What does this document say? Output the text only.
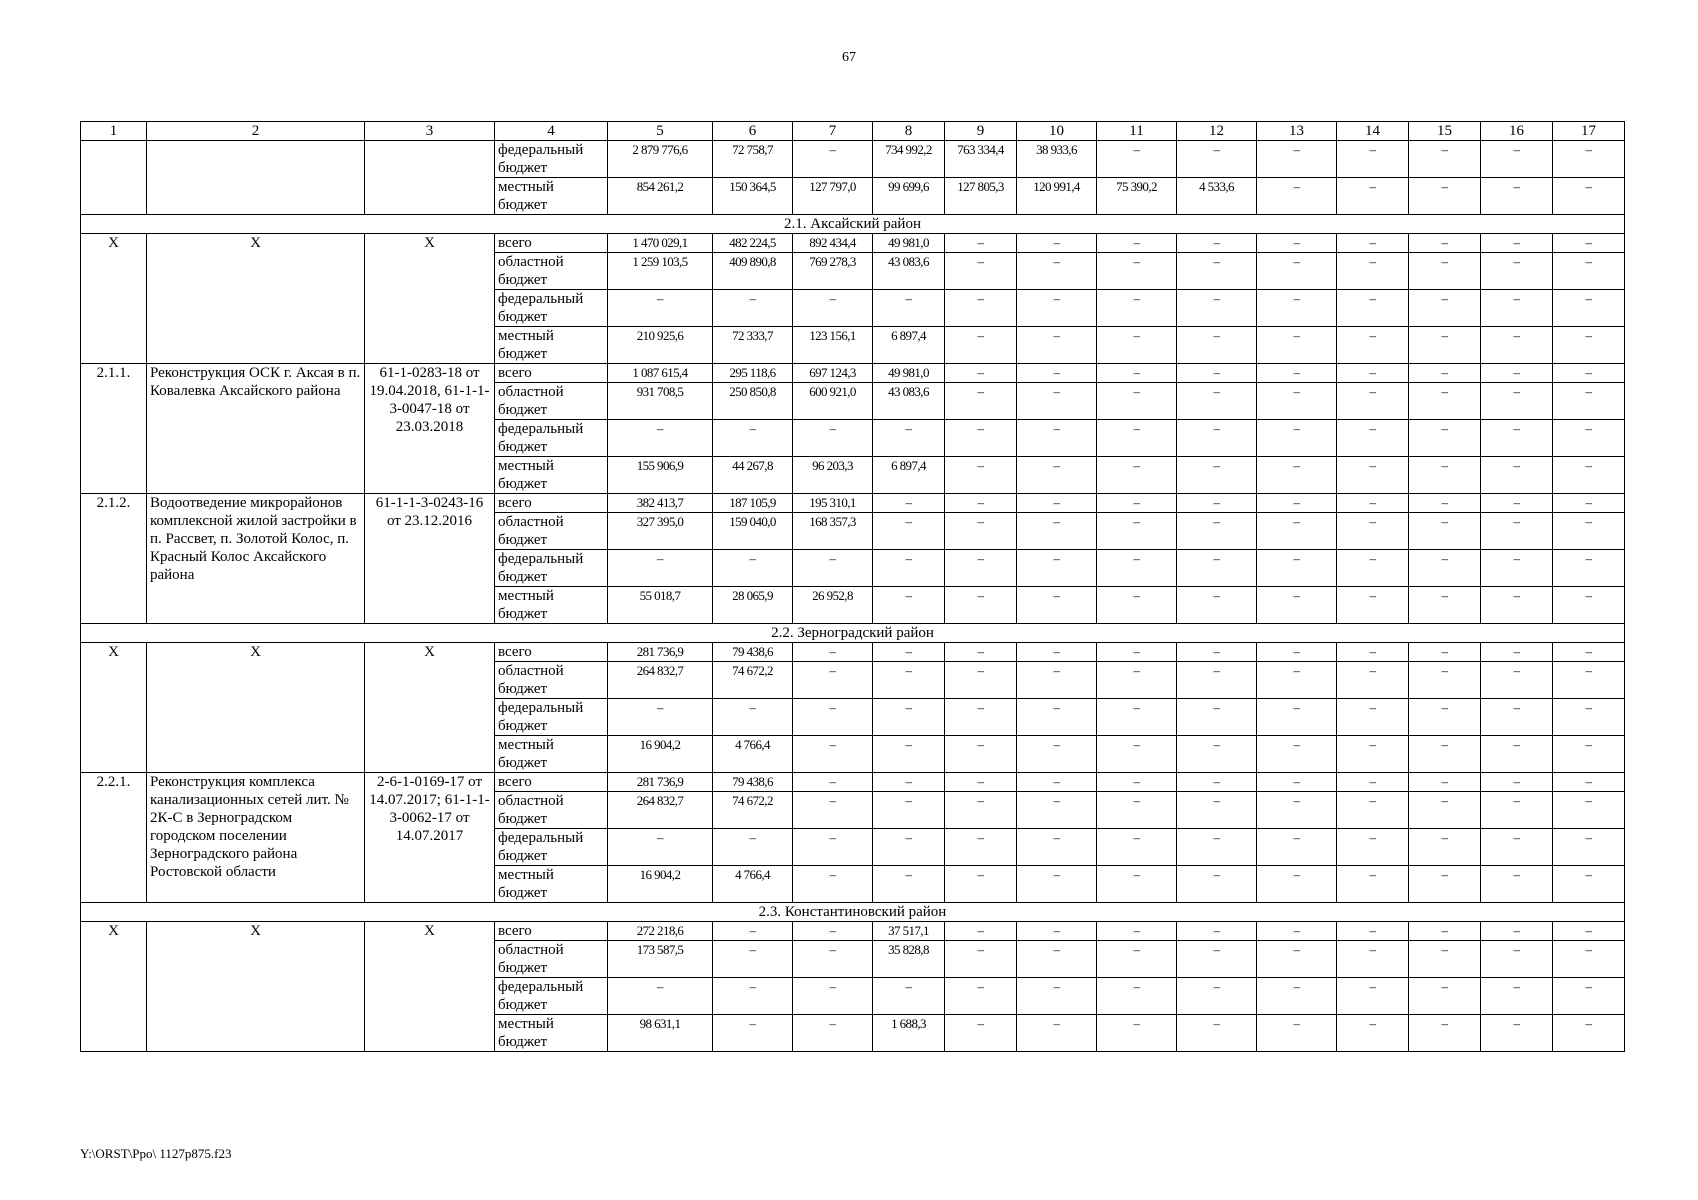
67
1	2	3	4	5	6	7	8	9	10	11	12	13	14	15	16	17
			федеральный
бюджет	2 879 776,6	72 758,7	–	734 992,2	763 334,4	38 933,6	–	–	–	–	–	–	–
			местный
бюджет	854 261,2	150 364,5	127 797,0	99 699,6	127 805,3	120 991,4	75 390,2	4 533,6	–	–	–	–	–
2.1. Аксайский район																
X	X	X	всего	1 470 029,1	482 224,5	892 434,4	49 981,0	–	–	–	–	–	–	–	–	–
			областной
бюджет	1 259 103,5	409 890,8	769 278,3	43 083,6	–	–	–	–	–	–	–	–	–
			федеральный
бюджет	–	–	–	–	–	–	–	–	–	–	–	–	–
			местный
бюджет	210 925,6	72 333,7	123 156,1	6 897,4	–	–	–	–	–	–	–	–	–
2.1.1.	Реконструкция ОСК г. Аксая в п. Ковалевка Аксайского района	61-1-0283-18 от 19.04.2018, 61-1-1-3-0047-18 от 23.03.2018	всего	1 087 615,4	295 118,6	697 124,3	49 981,0	–	–	–	–	–	–	–	–	–
			областной
бюджет	931 708,5	250 850,8	600 921,0	43 083,6	–	–	–	–	–	–	–	–	–
			федеральный
бюджет	–	–	–	–	–	–	–	–	–	–	–	–	–
			местный
бюджет	155 906,9	44 267,8	96 203,3	6 897,4	–	–	–	–	–	–	–	–	–
2.1.2.	Водоотведение микрорайонов комплексной жилой застройки в п. Рассвет, п. Золотой Колос, п. Красный Колос Аксайского района	61-1-1-3-0243-16 от 23.12.2016	всего	382 413,7	187 105,9	195 310,1	–	–	–	–	–	–	–	–	–	–
			областной
бюджет	327 395,0	159 040,0	168 357,3	–	–	–	–	–	–	–	–	–	–
			федеральный
бюджет	–	–	–	–	–	–	–	–	–	–	–	–	–
			местный
бюджет	55 018,7	28 065,9	26 952,8	–	–	–	–	–	–	–	–	–	–
2.2. Зерноградский район																
X	X	X	всего	281 736,9	79 438,6	–	–	–	–	–	–	–	–	–	–	–
			областной
бюджет	264 832,7	74 672,2	–	–	–	–	–	–	–	–	–	–	–
			федеральный
бюджет	–	–	–	–	–	–	–	–	–	–	–	–	–
			местный
бюджет	16 904,2	4 766,4	–	–	–	–	–	–	–	–	–	–	–
2.2.1.	Реконструкция комплекса канализационных сетей лит. № 2К-С в Зерноградском городском поселении Зерноградского района Ростовской области	2-6-1-0169-17 от 14.07.2017; 61-1-1-3-0062-17 от 14.07.2017	всего	281 736,9	79 438,6	–	–	–	–	–	–	–	–	–	–	–
			областной
бюджет	264 832,7	74 672,2	–	–	–	–	–	–	–	–	–	–	–
			федеральный
бюджет	–	–	–	–	–	–	–	–	–	–	–	–	–
			местный
бюджет	16 904,2	4 766,4	–	–	–	–	–	–	–	–	–	–	–
2.3. Константиновский район																
X	X	X	всего	272 218,6	–	–	37 517,1	–	–	–	–	–	–	–	–	–
			областной
бюджет	173 587,5	–	–	35 828,8	–	–	–	–	–	–	–	–	–
			федеральный
бюджет	–	–	–	–	–	–	–	–	–	–	–	–	–
			местный
бюджет	98 631,1	–	–	1 688,3	–	–	–	–	–	–	–	–	–
Y:\ORST\Ppo\ 1127p875.f23
